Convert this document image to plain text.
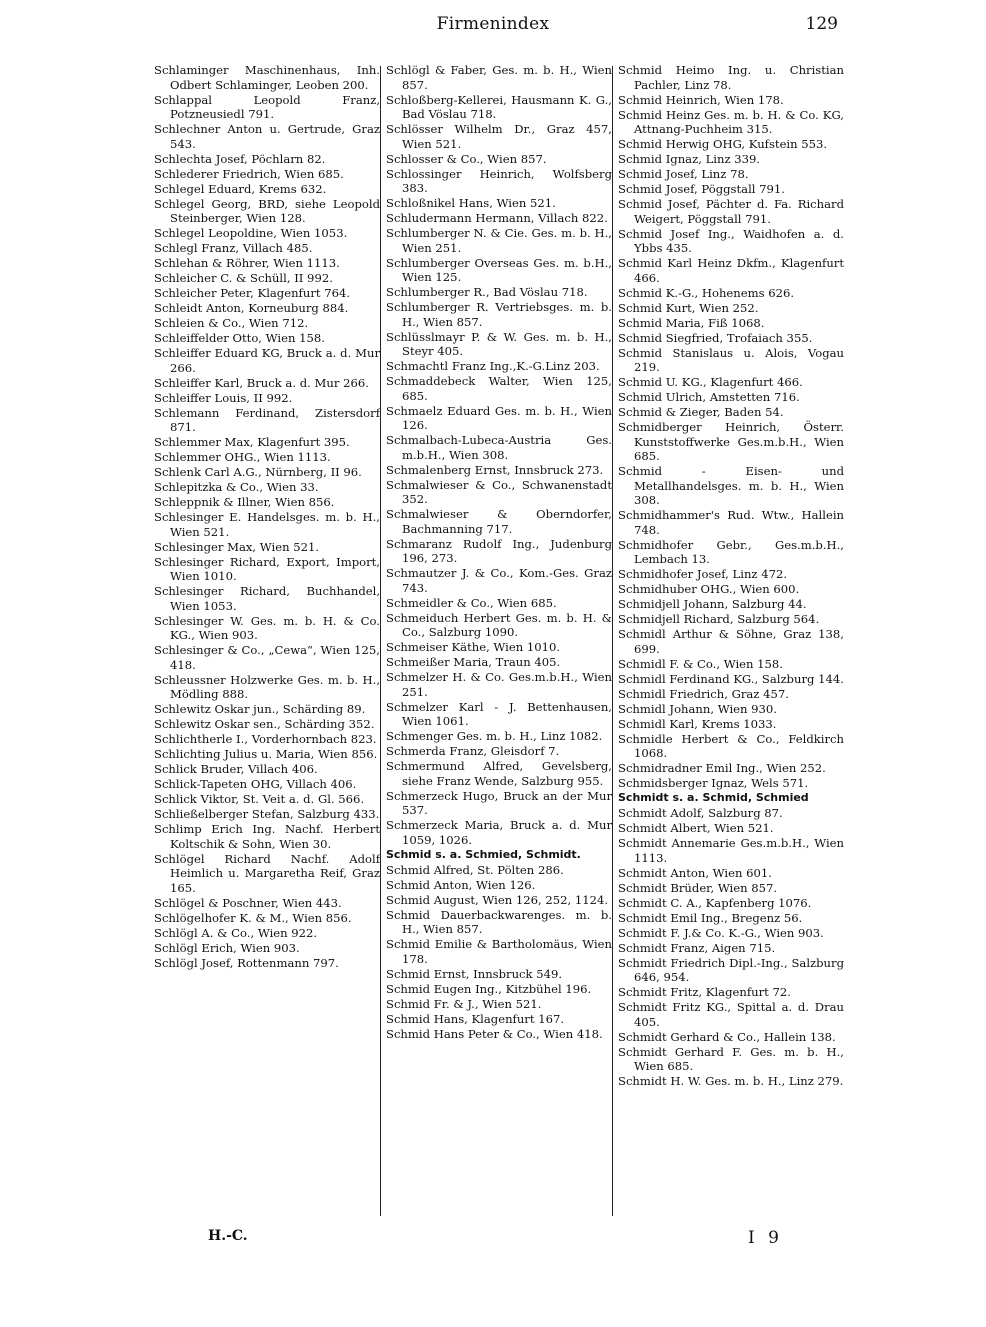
Firmenindex	129
Schlaminger Maschinenhaus, Inh. Odbert Schlaminger, Leoben 200.
Schlappal Leopold Franz, Potzneusiedl 791.
Schlechner Anton u. Gertrude, Graz 543.
Schlechta Josef, Pöchlarn 82.
Schlederer Friedrich, Wien 685.
Schlegel Eduard, Krems 632.
Schlegel Georg, BRD, siehe Leopold Steinberger, Wien 128.
Schlegel Leopoldine, Wien 1053.
Schlegl Franz, Villach 485.
Schlehan & Röhrer, Wien 1113.
Schleicher C. & Schüll, II 992.
Schleicher Peter, Klagenfurt 764.
Schleidt Anton, Korneuburg 884.
Schleien & Co., Wien 712.
Schleiffelder Otto, Wien 158.
Schleiffer Eduard KG, Bruck a. d. Mur 266.
Schleiffer Karl, Bruck a. d. Mur 266.
Schleiffer Louis, II 992.
Schlemann Ferdinand, Zistersdorf 871.
Schlemmer Max, Klagenfurt 395.
Schlemmer OHG., Wien 1113.
Schlenk Carl A.G., Nürnberg, II 96.
Schlepitzka & Co., Wien 33.
Schleppnik & Illner, Wien 856.
Schlesinger E. Handelsges. m. b. H., Wien 521.
Schlesinger Max, Wien 521.
Schlesinger Richard, Export, Import, Wien 1010.
Schlesinger Richard, Buchhandel, Wien 1053.
Schlesinger W. Ges. m. b. H. & Co. KG., Wien 903.
Schlesinger & Co., „Cewa“, Wien 125, 418.
Schleussner Holzwerke Ges. m. b. H., Mödling 888.
Schlewitz Oskar jun., Schärding 89.
Schlewitz Oskar sen., Schärding 352.
Schlichtherle I., Vorderhornbach 823.
Schlichting Julius u. Maria, Wien 856.
Schlick Bruder, Villach 406.
Schlick-Tapeten OHG, Villach 406.
Schlick Viktor, St. Veit a. d. Gl. 566.
Schließelberger Stefan, Salzburg 433.
Schlimp Erich Ing. Nachf. Herbert Koltschik & Sohn, Wien 30.
Schlögel Richard Nachf. Adolf Heimlich u. Margaretha Reif, Graz 165.
Schlögel & Poschner, Wien 443.
Schlögelhofer K. & M., Wien 856.
Schlögl A. & Co., Wien 922.
Schlögl Erich, Wien 903.
Schlögl Josef, Rottenmann 797.
Schlögl & Faber, Ges. m. b. H., Wien 857.
Schloßberg-Kellerei, Hausmann K. G., Bad Vöslau 718.
Schlösser Wilhelm Dr., Graz 457, Wien 521.
Schlosser & Co., Wien 857.
Schlossinger Heinrich, Wolfsberg 383.
Schloßnikel Hans, Wien 521.
Schludermann Hermann, Villach 822.
Schlumberger N. & Cie. Ges. m. b. H., Wien 251.
Schlumberger Overseas Ges. m. b.H., Wien 125.
Schlumberger R., Bad Vöslau 718.
Schlumberger R. Vertriebsges. m. b. H., Wien 857.
Schlüsslmayr P. & W. Ges. m. b. H., Steyr 405.
Schmachtl Franz Ing.,K.-G.Linz 203.
Schmaddebeck Walter, Wien 125, 685.
Schmaelz Eduard Ges. m. b. H., Wien 126.
Schmalbach-Lubeca-Austria Ges. m.b.H., Wien 308.
Schmalenberg Ernst, Innsbruck 273.
Schmalwieser & Co., Schwanenstadt 352.
Schmalwieser & Oberndorfer, Bachmanning 717.
Schmaranz Rudolf Ing., Judenburg 196, 273.
Schmautzer J. & Co., Kom.-Ges. Graz 743.
Schmeidler & Co., Wien 685.
Schmeiduch Herbert Ges. m. b. H. & Co., Salzburg 1090.
Schmeiser Käthe, Wien 1010.
Schmeißer Maria, Traun 405.
Schmelzer H. & Co. Ges.m.b.H., Wien 251.
Schmelzer Karl - J. Bettenhausen, Wien 1061.
Schmenger Ges. m. b. H., Linz 1082.
Schmerda Franz, Gleisdorf 7.
Schmermund Alfred, Gevelsberg, siehe Franz Wende, Salzburg 955.
Schmerzeck Hugo, Bruck an der Mur 537.
Schmerzeck Maria, Bruck a. d. Mur 1059, 1026.
Schmid s. a. Schmied, Schmidt.
Schmid Alfred, St. Pölten 286.
Schmid Anton, Wien 126.
Schmid August, Wien 126, 252, 1124.
Schmid Dauerbackwarenges. m. b. H., Wien 857.
Schmid Emilie & Bartholomäus, Wien 178.
Schmid Ernst, Innsbruck 549.
Schmid Eugen Ing., Kitzbühel 196.
Schmid Fr. & J., Wien 521.
Schmid Hans, Klagenfurt 167.
Schmid Hans Peter & Co., Wien 418.
Schmid Heimo Ing. u. Christian Pachler, Linz 78.
Schmid Heinrich, Wien 178.
Schmid Heinz Ges. m. b. H. & Co. KG, Attnang-Puchheim 315.
Schmid Herwig OHG, Kufstein 553.
Schmid Ignaz, Linz 339.
Schmid Josef, Linz 78.
Schmid Josef, Pöggstall 791.
Schmid Josef, Pächter d. Fa. Richard Weigert, Pöggstall 791.
Schmid Josef Ing., Waidhofen a. d. Ybbs 435.
Schmid Karl Heinz Dkfm., Klagenfurt 466.
Schmid K.-G., Hohenems 626.
Schmid Kurt, Wien 252.
Schmid Maria, Fiß 1068.
Schmid Siegfried, Trofaiach 355.
Schmid Stanislaus u. Alois, Vogau 219.
Schmid U. KG., Klagenfurt 466.
Schmid Ulrich, Amstetten 716.
Schmid & Zieger, Baden 54.
Schmidberger Heinrich, Österr. Kunststoffwerke Ges.m.b.H., Wien 685.
Schmid - Eisen- und Metallhandelsges. m. b. H., Wien 308.
Schmidhammer's Rud. Wtw., Hallein 748.
Schmidhofer Gebr., Ges.m.b.H., Lembach 13.
Schmidhofer Josef, Linz 472.
Schmidhuber OHG., Wien 600.
Schmidjell Johann, Salzburg 44.
Schmidjell Richard, Salzburg 564.
Schmidl Arthur & Söhne, Graz 138, 699.
Schmidl F. & Co., Wien 158.
Schmidl Ferdinand KG., Salzburg 144.
Schmidl Friedrich, Graz 457.
Schmidl Johann, Wien 930.
Schmidl Karl, Krems 1033.
Schmidle Herbert & Co., Feldkirch 1068.
Schmidradner Emil Ing., Wien 252.
Schmidsberger Ignaz, Wels 571.
Schmidt s. a. Schmid, Schmied
Schmidt Adolf, Salzburg 87.
Schmidt Albert, Wien 521.
Schmidt Annemarie Ges.m.b.H., Wien 1113.
Schmidt Anton, Wien 601.
Schmidt Brüder, Wien 857.
Schmidt C. A., Kapfenberg 1076.
Schmidt Emil Ing., Bregenz 56.
Schmidt F. J.& Co. K.-G., Wien 903.
Schmidt Franz, Aigen 715.
Schmidt Friedrich Dipl.-Ing., Salzburg 646, 954.
Schmidt Fritz, Klagenfurt 72.
Schmidt Fritz KG., Spittal a. d. Drau 405.
Schmidt Gerhard & Co., Hallein 138.
Schmidt Gerhard F. Ges. m. b. H., Wien 685.
Schmidt H. W. Ges. m. b. H., Linz 279.
H.-C.	I 9
